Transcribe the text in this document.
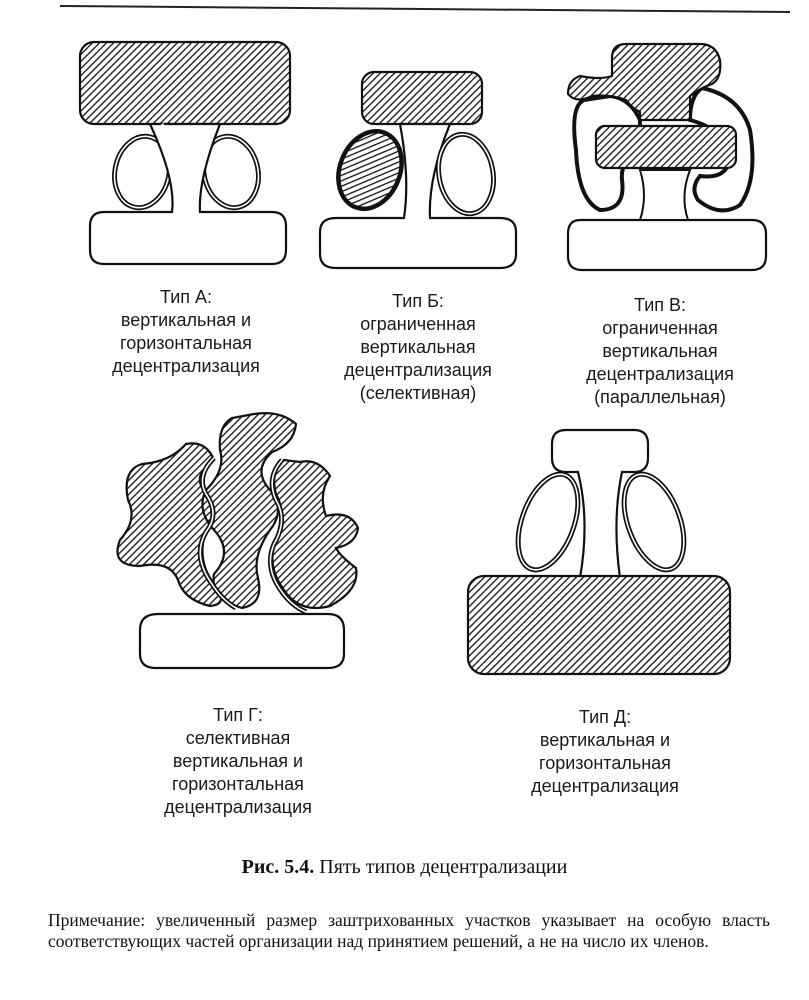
Тип А:
вертикальная и
горизонтальная
децентрализация
Тип Б:
ограниченная
вертикальная
децентрализация
(селективная)
Тип В:
ограниченная
вертикальная
децентрализация
(параллельная)
Тип Г:
селективная
вертикальная и
горизонтальная
децентрализация
Тип Д:
вертикальная и
горизонтальная
децентрализация
Рис. 5.4. Пять типов децентрализации
Примечание: увеличенный размер заштрихованных участков указывает на особую власть соответствующих частей организации над принятием решений, а не на число их членов.
